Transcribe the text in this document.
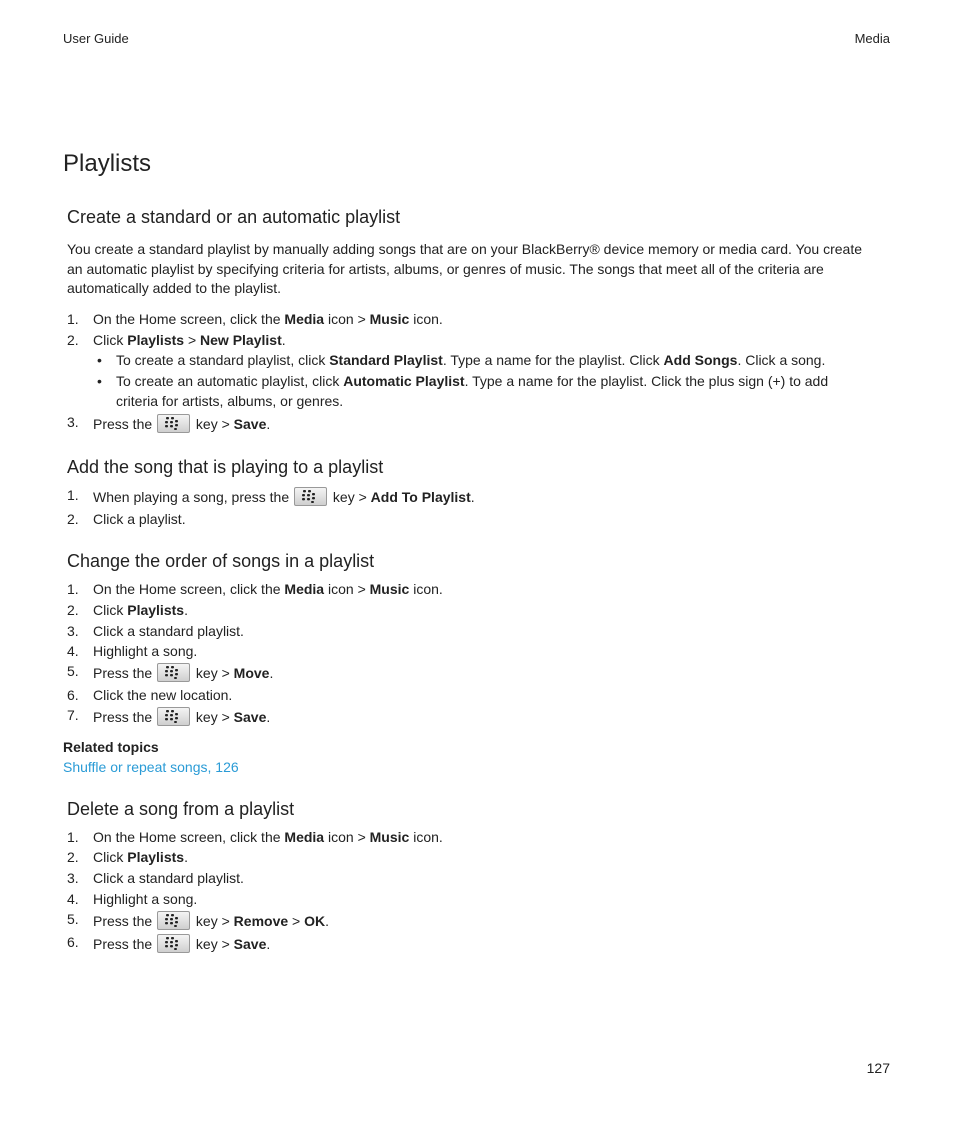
User Guide	Media
Playlists
Create a standard or an automatic playlist

You create a standard playlist by manually adding songs that are on your BlackBerry® device memory or media card. You create
an automatic playlist by specifying criteria for artists, albums, or genres of music. The songs that meet all of the criteria are
automatically added to the playlist.

1.	On the Home screen, click the Media icon > Music icon.
2.	Click Playlists > New Playlist.
• To create a standard playlist, click Standard Playlist. Type a name for the playlist. Click Add Songs. Click a song.
• To create an automatic playlist, click Automatic Playlist. Type a name for the playlist. Click the plus sign (+) to add
criteria for artists, albums, or genres.
3.	Press the	key > Save.
Add the song that is playing to a playlist
1.	When playing a song, press the	key > Add To Playlist.
2.	Click a playlist.
Change the order of songs in a playlist
1.	On the Home screen, click the Media icon > Music icon.
2.	Click Playlists.
3.	Click a standard playlist.
4.	Highlight a song.
5.	Press the	key > Move.
6.	Click the new location.
7.	Press the	key > Save.
Related topics
Shuffle or repeat songs, 126
Delete a song from a playlist
1.	On the Home screen, click the Media icon > Music icon.
2.	Click Playlists.
3.	Click a standard playlist.
4.	Highlight a song.
5.	Press the	key > Remove > OK.
6.	Press the	key > Save.
127
